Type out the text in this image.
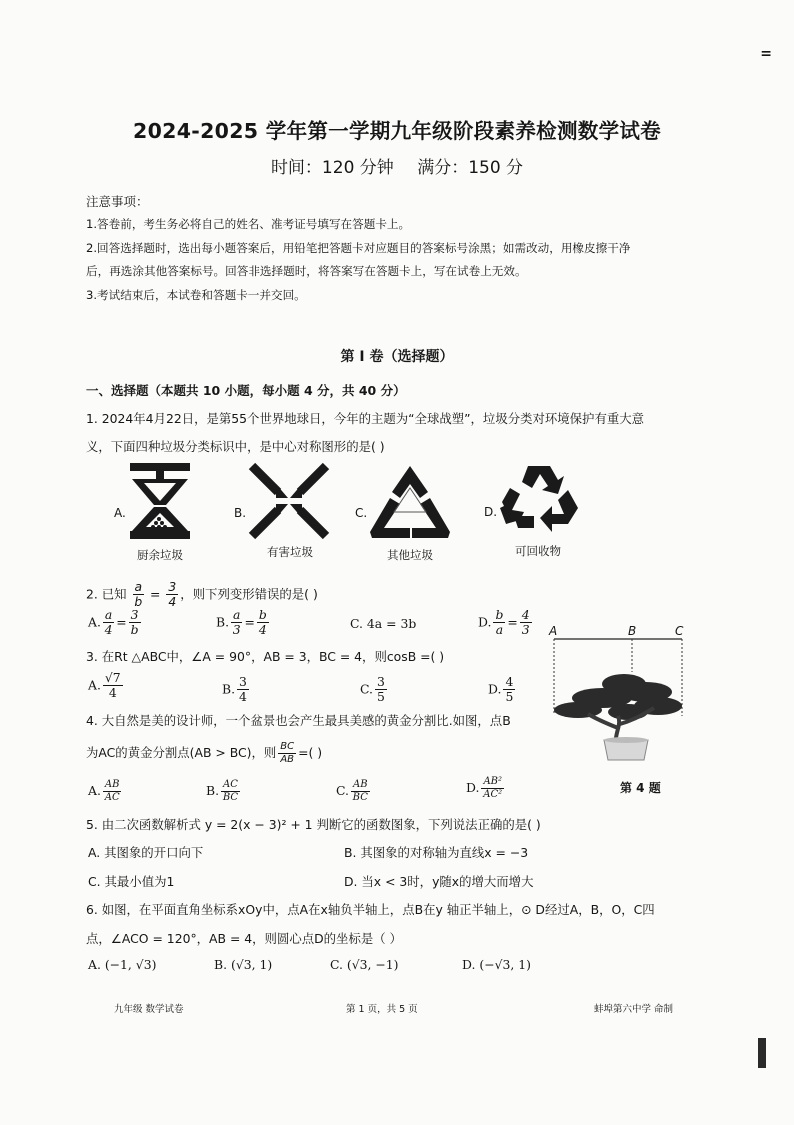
=
2024-2025 学年第一学期九年级阶段素养检测数学试卷
时间：120 分钟 满分：150 分
注意事项：
1.答卷前，考生务必将自己的姓名、准考证号填写在答题卡上。
2.回答选择题时，选出每小题答案后，用铅笔把答题卡对应题目的答案标号涂黑；如需改动，用橡皮擦干净
后，再选涂其他答案标号。回答非选择题时，将答案写在答题卡上，写在试卷上无效。
3.考试结束后，本试卷和答题卡一并交回。
第 I 卷（选择题）
一、选择题（本题共 10 小题，每小题 4 分，共 40 分）
1. 2024年4月22日，是第55个世界地球日，今年的主题为“全球战塑”，垃圾分类对环境保护有重大意
义，下面四种垃圾分类标识中，是中心对称图形的是( )
A.
厨余垃圾
B.
有害垃圾
C.
其他垃圾
D.
可回收物
2. 已知 $\frac{a}{b} = \frac{3}{4}$ ，则下列变形错误的是( )
A. $\frac{a}{4} = \frac{3}{b}$	B. $\frac{a}{3} = \frac{b}{4}$	C. 4a = 3b	D. $\frac{b}{a} = \frac{4}{3}$
3. 在Rt △ABC中，∠A = 90°，AB = 3，BC = 4，则cosB =( )
A. $\frac{√7}{4}$	B. $\frac{3}{4}$	C. $\frac{3}{5}$	D. $\frac{4}{5}$
4. 大自然是美的设计师，一个盆景也会产生最具美感的黄金分割比.如图，点B
为AC的黄金分割点(AB > BC)，则 $\frac{BC}{AB}$ =( )
A. $\frac{AB}{AC}$	B. $\frac{AC}{BC}$	C. $\frac{AB}{BC}$	D. $\frac{\text{AB²}}{\text{AC²}}$
A	B	C
第 4 题
5. 由二次函数解析式 y = 2(x − 3)² + 1 判断它的函数图象，下列说法正确的是( )
A. 其图象的开口向下	B. 其图象的对称轴为直线x = −3
C. 其最小值为1	D. 当x < 3时，y随x的增大而增大
6. 如图，在平面直角坐标系xOy中，点A在x轴负半轴上，点B在y 轴正半轴上，⊙ D经过A，B，O，C四
点，∠ACO = 120°，AB = 4，则圆心点D的坐标是（ ）
A. (−1, √3)	B. (√3, 1)	C. (√3, −1)	D. (−√3, 1)
九年级 数学试卷	第 1 页，共 5 页	蚌埠第六中学 命制
